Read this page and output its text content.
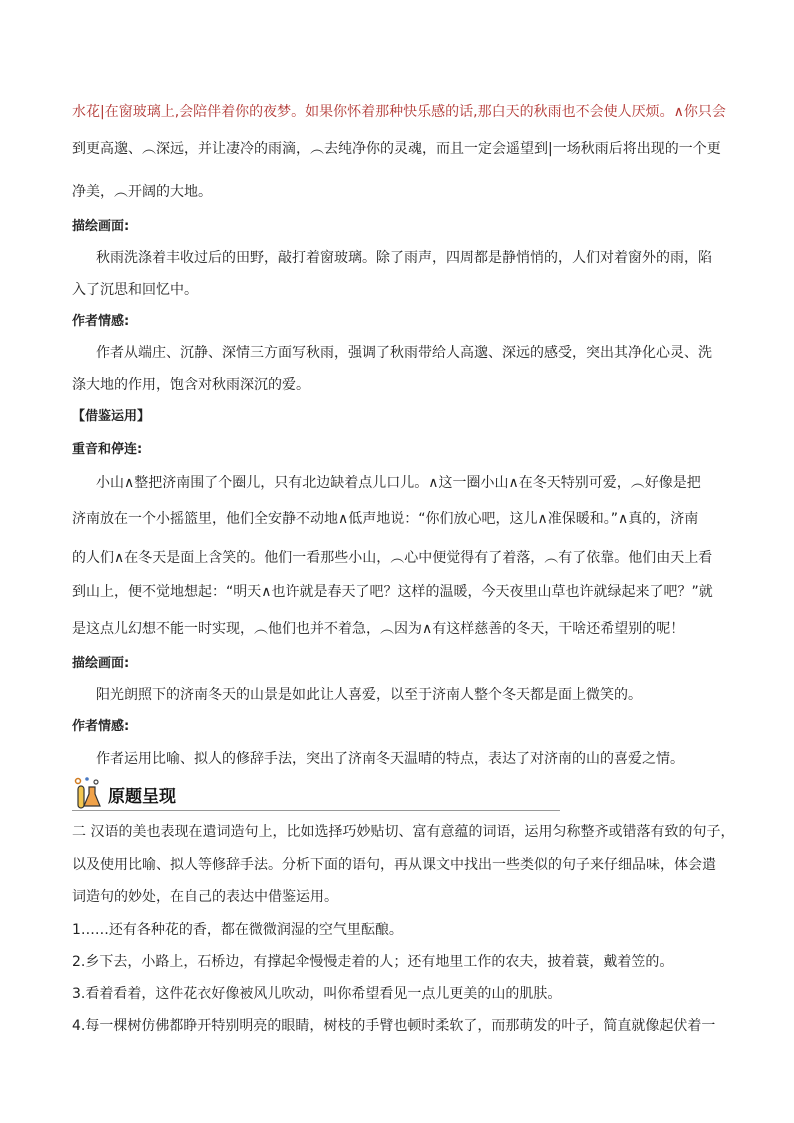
水花|在窗玻璃上,会陪伴着你的夜梦。如果你怀着那种快乐感的话,那白天的秋雨也不会使人厌烦。∧你只会
到更高邈、︵深远，并让凄冷的雨滴，︵去纯净你的灵魂，而且一定会遥望到|一场秋雨后将出现的一个更
净美，︵开阔的大地。
描绘画面:
秋雨洗涤着丰收过后的田野，敲打着窗玻璃。除了雨声，四周都是静悄悄的，人们对着窗外的雨，陷
入了沉思和回忆中。
作者情感:
作者从端庄、沉静、深情三方面写秋雨，强调了秋雨带给人高邈、深远的感受，突出其净化心灵、洗
涤大地的作用，饱含对秋雨深沉的爱。
【借鉴运用】
重音和停连:
小山∧整把济南围了个圈儿，只有北边缺着点儿口儿。∧这一圈小山∧在冬天特别可爱，︵好像是把
济南放在一个小摇篮里，他们全安静不动地∧低声地说：“你们放心吧，这儿∧准保暖和。”∧真的，济南
的人们∧在冬天是面上含笑的。他们一看那些小山，︵心中便觉得有了着落，︵有了依靠。他们由天上看
到山上，便不觉地想起：“明天∧也许就是春天了吧？这样的温暖，今天夜里山草也许就绿起来了吧？”就
是这点儿幻想不能一时实现，︵他们也并不着急，︵因为∧有这样慈善的冬天，干啥还希望别的呢！
描绘画面:
阳光朗照下的济南冬天的山景是如此让人喜爱，以至于济南人整个冬天都是面上微笑的。
作者情感:
作者运用比喻、拟人的修辞手法，突出了济南冬天温晴的特点，表达了对济南的山的喜爱之情。
二 汉语的美也表现在遣词造句上，比如选择巧妙贴切、富有意蕴的词语，运用匀称整齐或错落有致的句子，
以及使用比喻、拟人等修辞手法。分析下面的语句，再从课文中找出一些类似的句子来仔细品味，体会遣
词造句的妙处，在自己的表达中借鉴运用。
1……还有各种花的香，都在微微润湿的空气里酝酿。
2.乡下去，小路上，石桥边，有撑起伞慢慢走着的人；还有地里工作的农夫，披着蓑，戴着笠的。
3.看着看着，这件花衣好像被风儿吹动，叫你希望看见一点儿更美的山的肌肤。
4.每一棵树仿佛都睁开特别明亮的眼睛，树枝的手臂也顿时柔软了，而那萌发的叶子，简直就像起伏着一
原题呈现
